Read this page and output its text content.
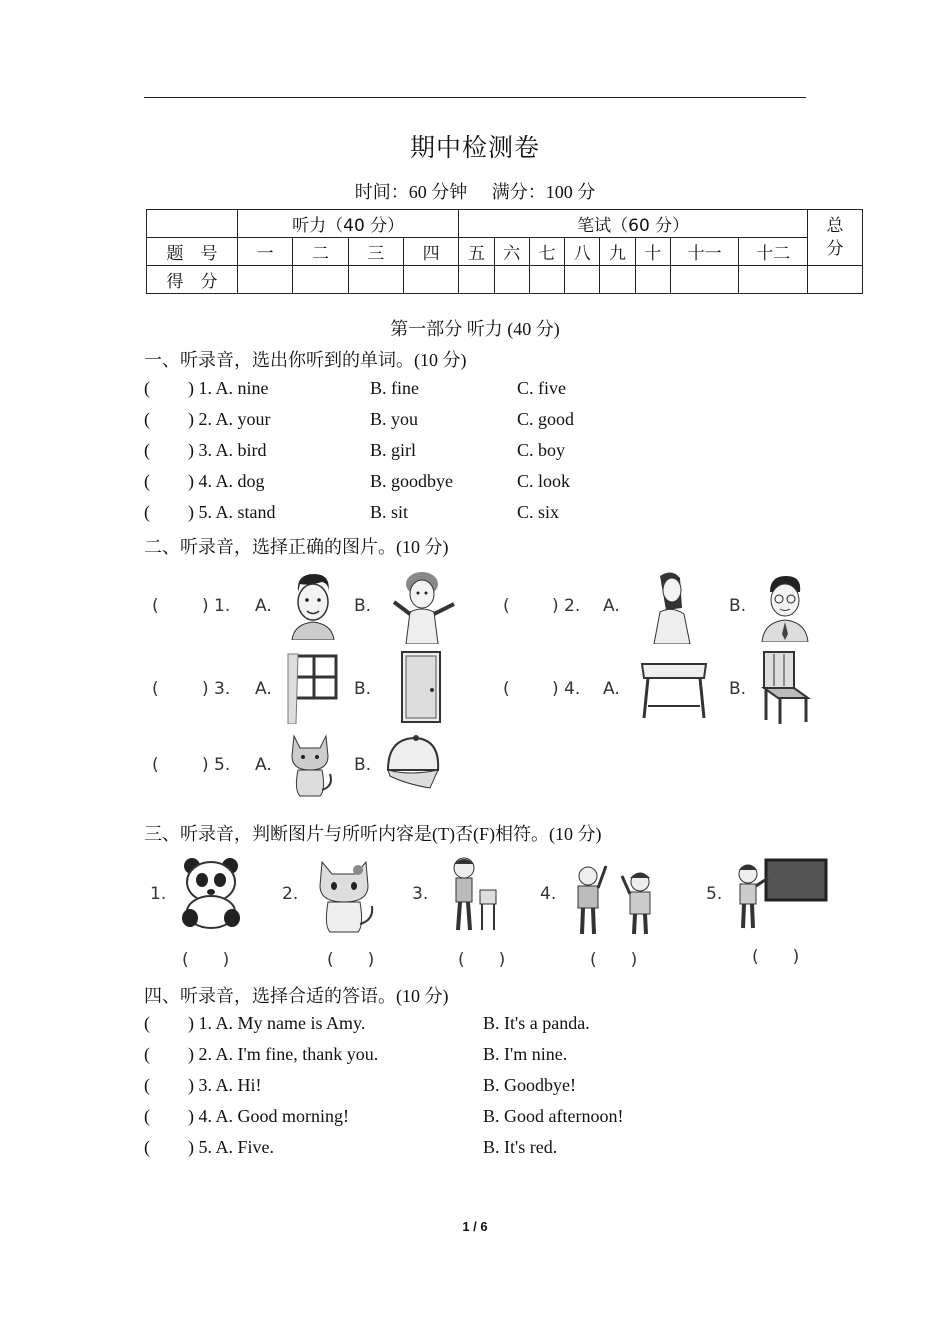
期中检测卷
时间：60 分钟 满分：100 分
	听力（40 分）				笔试（60 分）								总
分
题　号	一	二	三	四	五	六	七	八	九	十	十一	十二	
得　分													
第一部分 听力 (40 分)
一、听录音，选出你听到的单词。(10 分)
( ) 1. A. nine	B. fine	C. five
( ) 2. A. your	B. you	C. good
( ) 3. A. bird	B. girl	C. boy
( ) 4. A. dog	B. goodbye	C. look
( ) 5. A. stand	B. sit	C. six
二、听录音，选择正确的图片。(10 分)
(	) 1. A.	B.	( ) 2. A.	B.
(	) 3. A.	B.	( ) 4. A.	B.
(	) 5. A.	B.
三、听录音，判断图片与所听内容是(T)否(F)相符。(10 分)
1.
(　　)
2.
(　　)
3.
(　　)
4.
(　　)
5.
(　　)
四、听录音，选择合适的答语。(10 分)
( ) 1. A. My name is Amy.	B. It's a panda.
( ) 2. A. I'm fine, thank you.	B. I'm nine.
( ) 3. A. Hi!	B. Goodbye!
( ) 4. A. Good morning!	B. Good afternoon!
( ) 5. A. Five.	B. It's red.
1 / 6
